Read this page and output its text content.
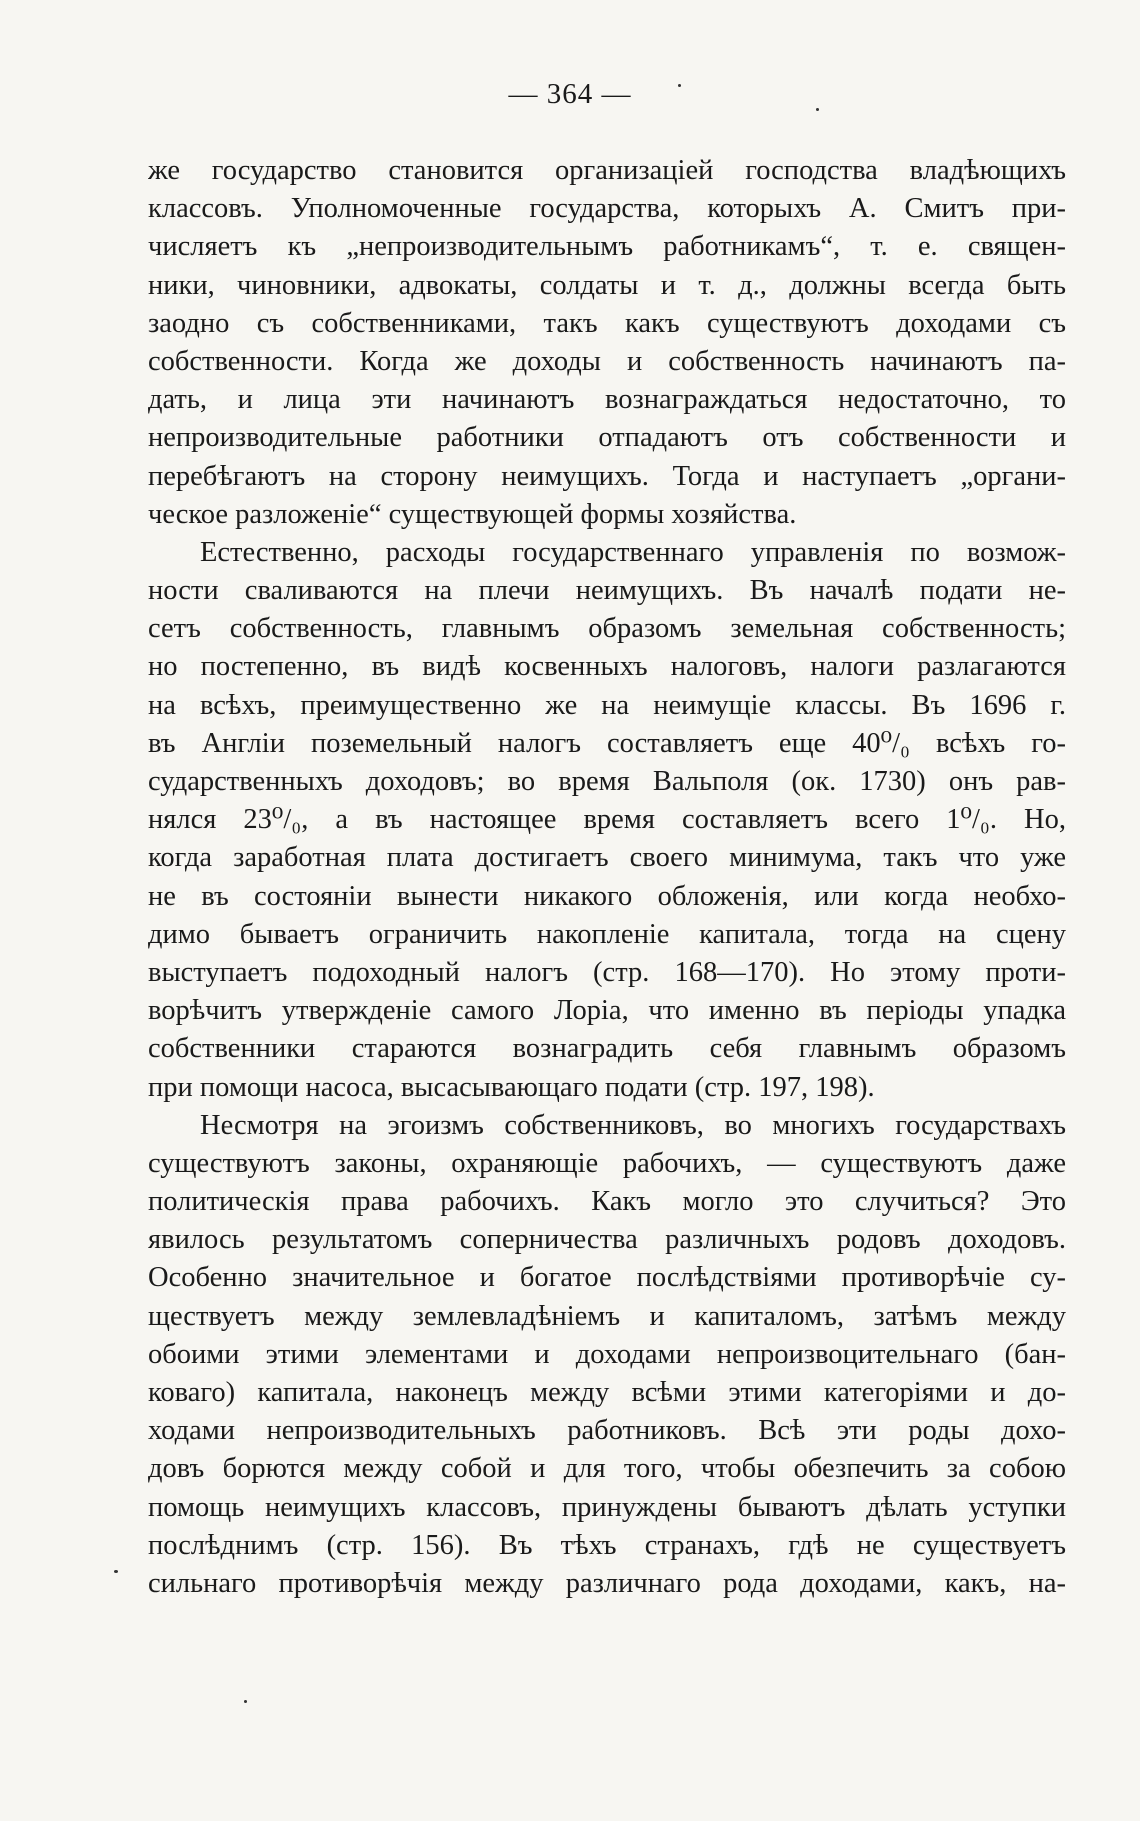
— 364 —
же государство становится организацiей господства владѣющихъ
классовъ. Уполномоченные государства, которыхъ А. Смитъ при-
числяетъ къ „непроизводительнымъ работникамъ“, т. е. священ-
ники, чиновники, адвокаты, солдаты и т. д., должны всегда быть
заодно съ собственниками, такъ какъ существуютъ доходами съ
собственности. Когда же доходы и собственность начинаютъ па-
дать, и лица эти начинаютъ вознаграждаться недостаточно, то
непроизводительные работники отпадаютъ отъ собственности и
перебѣгаютъ на сторону неимущихъ. Тогда и наступаетъ „органи-
ческое разложенiе“ существующей формы хозяйства.
Естественно, расходы государственнаго управленiя по возмож-
ности сваливаются на плечи неимущихъ. Въ началѣ подати не-
сетъ собственность, главнымъ образомъ земельная собственность;
но постепенно, въ видѣ косвенныхъ налоговъ, налоги разлагаются
на всѣхъ, преимущественно же на неимущiе классы. Въ 1696 г.
въ Англiи поземельный налогъ составляетъ еще 40⁰/₀ всѣхъ го-
сударственныхъ доходовъ; во время Вальполя (ок. 1730) онъ рав-
нялся 23⁰/₀, а въ настоящее время составляетъ всего 1⁰/₀. Но,
когда заработная плата достигаетъ своего минимума, такъ что уже
не въ состоянiи вынести никакого обложенiя, или когда необхо-
димо бываетъ ограничить накопленiе капитала, тогда на сцену
выступаетъ подоходный налогъ (стр. 168—170). Но этому проти-
ворѣчитъ утвержденiе самого Лорiа, что именно въ перiоды упадка
собственники стараются вознаградить себя главнымъ образомъ
при помощи насоса, высасывающаго подати (стр. 197, 198).
Несмотря на эгоизмъ собственниковъ, во многихъ государствахъ
существуютъ законы, охраняющiе рабочихъ, — существуютъ даже
политическiя права рабочихъ. Какъ могло это случиться? Это
явилось результатомъ соперничества различныхъ родовъ доходовъ.
Особенно значительное и богатое послѣдствiями противорѣчiе су-
ществуетъ между землевладѣнiемъ и капиталомъ, затѣмъ между
обоими этими элементами и доходами непроизвоцительнаго (бан-
коваго) капитала, наконецъ между всѣми этими категорiями и до-
ходами непроизводительныхъ работниковъ. Всѣ эти роды дохо-
довъ борются между собой и для того, чтобы обезпечить за собою
помощь неимущихъ классовъ, принуждены бываютъ дѣлать уступки
послѣднимъ (стр. 156). Въ тѣхъ странахъ, гдѣ не существуетъ
сильнаго противорѣчiя между различнаго рода доходами, какъ, на-
